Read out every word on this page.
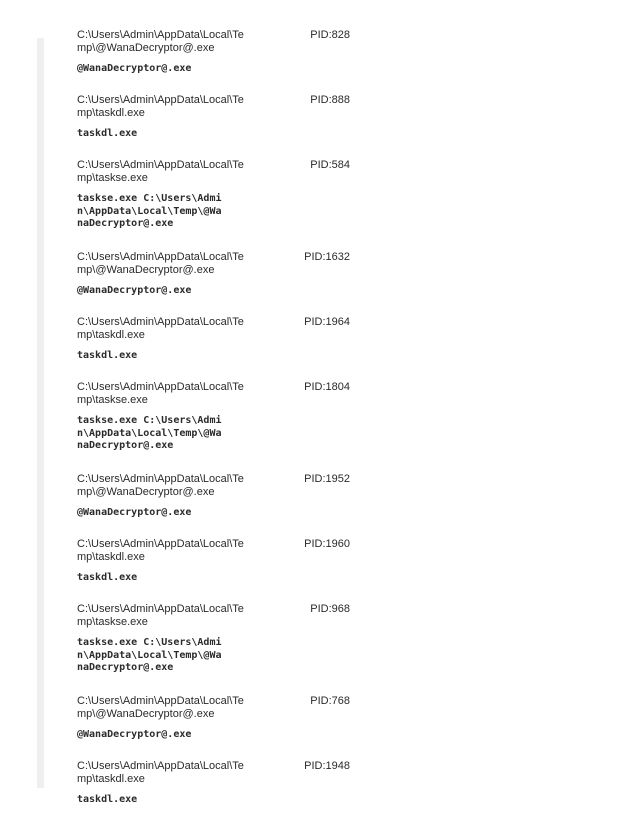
C:\Users\Admin\AppData\Local\Te
mp\@WanaDecryptor@.exe
PID:828
@WanaDecryptor@.exe
C:\Users\Admin\AppData\Local\Te
mp\taskdl.exe
PID:888
taskdl.exe
C:\Users\Admin\AppData\Local\Te
mp\taskse.exe
PID:584
taskse.exe C:\Users\Admi
n\AppData\Local\Temp\@Wa
naDecryptor@.exe
C:\Users\Admin\AppData\Local\Te
mp\@WanaDecryptor@.exe
PID:1632
@WanaDecryptor@.exe
C:\Users\Admin\AppData\Local\Te
mp\taskdl.exe
PID:1964
taskdl.exe
C:\Users\Admin\AppData\Local\Te
mp\taskse.exe
PID:1804
taskse.exe C:\Users\Admi
n\AppData\Local\Temp\@Wa
naDecryptor@.exe
C:\Users\Admin\AppData\Local\Te
mp\@WanaDecryptor@.exe
PID:1952
@WanaDecryptor@.exe
C:\Users\Admin\AppData\Local\Te
mp\taskdl.exe
PID:1960
taskdl.exe
C:\Users\Admin\AppData\Local\Te
mp\taskse.exe
PID:968
taskse.exe C:\Users\Admi
n\AppData\Local\Temp\@Wa
naDecryptor@.exe
C:\Users\Admin\AppData\Local\Te
mp\@WanaDecryptor@.exe
PID:768
@WanaDecryptor@.exe
C:\Users\Admin\AppData\Local\Te
mp\taskdl.exe
PID:1948
taskdl.exe
